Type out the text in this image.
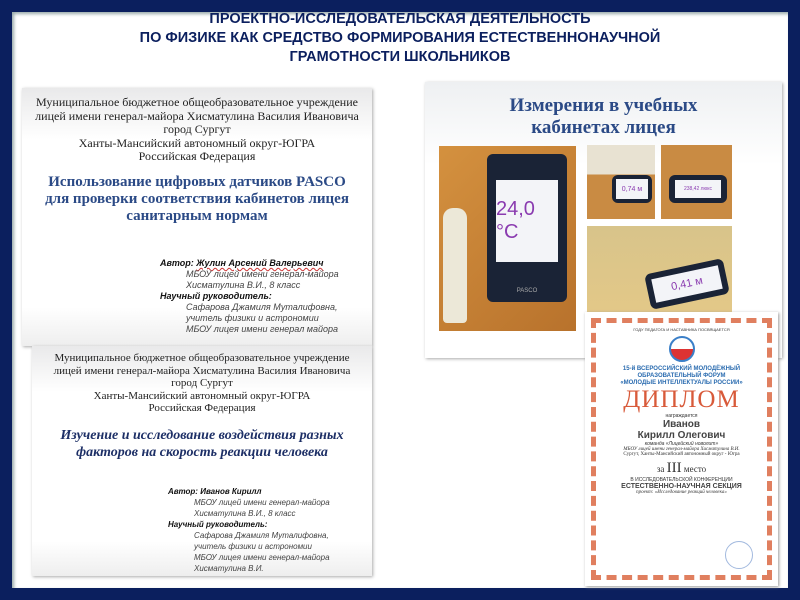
ПРОЕКТНО-ИССЛЕДОВАТЕЛЬСКАЯ ДЕЯТЕЛЬНОСТЬ
ПО ФИЗИКЕ КАК СРЕДСТВО ФОРМИРОВАНИЯ ЕСТЕСТВЕННОНАУЧНОЙ
ГРАМОТНОСТИ ШКОЛЬНИКОВ
Муниципальное бюджетное общеобразовательное учреждение
лицей имени генерал-майора Хисматулина Василия Ивановича
город Сургут
Ханты-Мансийский автономный округ-ЮГРА
Российская Федерация
Использование цифровых датчиков PASCO для проверки соответствия кабинетов лицея санитарным нормам
Автор: Жулин Арсений Валерьевич
МБОУ лицей имени генерал-майора
Хисматулина В.И., 8 класс
Научный руководитель:
Сафарова Джамиля Муталифовна,
учитель физики и астрономии
МБОУ лицея имени генерал майора
Муниципальное бюджетное общеобразовательное учреждение
лицей имени генерал-майора Хисматулина Василия Ивановича
город Сургут
Ханты-Мансийский автономный округ-ЮГРА
Российская Федерация
Изучение и исследование воздействия разных факторов на скорость реакции человека
Автор: Иванов Кирилл
МБОУ лицей имени генерал-майора
Хисматулина В.И., 8 класс
Научный руководитель:
Сафарова Джамиля Муталифовна,
учитель физики и астрономии
МБОУ лицея имени генерал-майора
Хисматулина В.И.
Измерения в учебных кабинетах лицея
24,0 °C
PASCO
0,74 м	238,42 люкс
0,41 м
ГОДУ ПЕДАГОГА И НАСТАВНИКА ПОСВЯЩАЕТСЯ
15-й ВСЕРОССИЙСКИЙ МОЛОДЁЖНЫЙ
ОБРАЗОВАТЕЛЬНЫЙ ФОРУМ
«МОЛОДЫЕ ИНТЕЛЛЕКТУАЛЫ РОССИИ»
ДИПЛОМ
награждается
Иванов
Кирилл Олегович
команда «Лицейский новолит»
МБОУ лицей имени генерал-майора Хисматулина В.И.
Сургут, Ханты-Мансийский автономный округ - Югра
за III место
В ИССЛЕДОВАТЕЛЬСКОЙ КОНФЕРЕНЦИИ
ЕСТЕСТВЕННО-НАУЧНАЯ СЕКЦИЯ
проект: «Исследование реакций человека»
